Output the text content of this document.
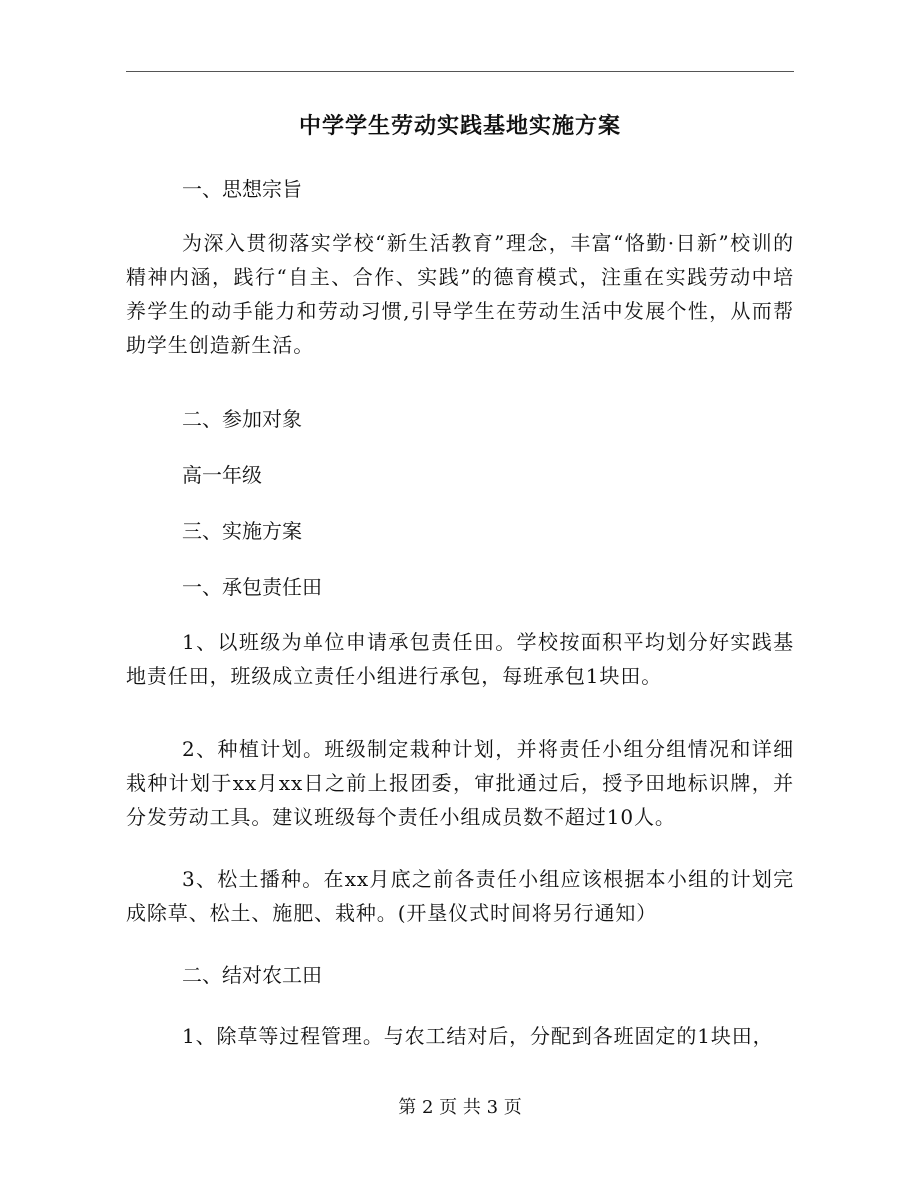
中学学生劳动实践基地实施方案
一、思想宗旨
为深入贯彻落实学校“新生活教育”理念，丰富“恪勤·日新”校训的精神内涵，践行“自主、合作、实践”的德育模式，注重在实践劳动中培养学生的动手能力和劳动习惯,引导学生在劳动生活中发展个性，从而帮助学生创造新生活。
二、参加对象
高一年级
三、实施方案
一、承包责任田
1、以班级为单位申请承包责任田。学校按面积平均划分好实践基地责任田，班级成立责任小组进行承包，每班承包1块田。
2、种植计划。班级制定栽种计划，并将责任小组分组情况和详细栽种计划于xx月xx日之前上报团委，审批通过后，授予田地标识牌，并分发劳动工具。建议班级每个责任小组成员数不超过10人。
3、松土播种。在xx月底之前各责任小组应该根据本小组的计划完成除草、松土、施肥、栽种。(开垦仪式时间将另行通知）
二、结对农工田
1、除草等过程管理。与农工结对后，分配到各班固定的1块田，
第 2 页 共 3 页
